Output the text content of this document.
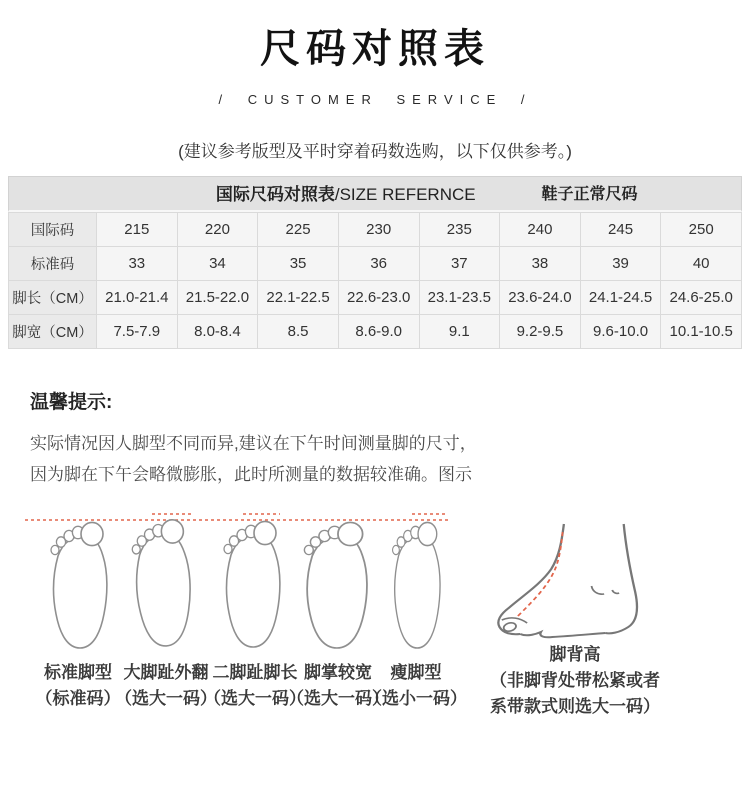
尺码对照表
/ CUSTOMER SERVICE /

(建议参考版型及平时穿着码数选购，以下仅供参考。)

国际尺码对照表/SIZE REFERNCE	鞋子正常尺码
国际码	215	220	225	230	235	240	245	250
标准码	33	34	35	36	37	38	39	40
脚长（CM）	21.0-21.4	21.5-22.0	22.1-22.5	22.6-23.0	23.1-23.5	23.6-24.0	24.1-24.5	24.6-25.0
脚宽（CM）	7.5-7.9	8.0-8.4	8.5	8.6-9.0	9.1	9.2-9.5	9.6-10.0	10.1-10.5
温馨提示:

实际情况因人脚型不同而异,建议在下午时间测量脚的尺寸，
因为脚在下午会略微膨胀，此时所测量的数据较准确。图示

标准脚型
（标准码）
大脚趾外翻
（选大一码）
二脚趾脚长
（选大一码）
脚掌较宽
（选大一码）
瘦脚型
（选小一码）
脚背高
（非脚背处带松紧或者
系带款式则选大一码）
